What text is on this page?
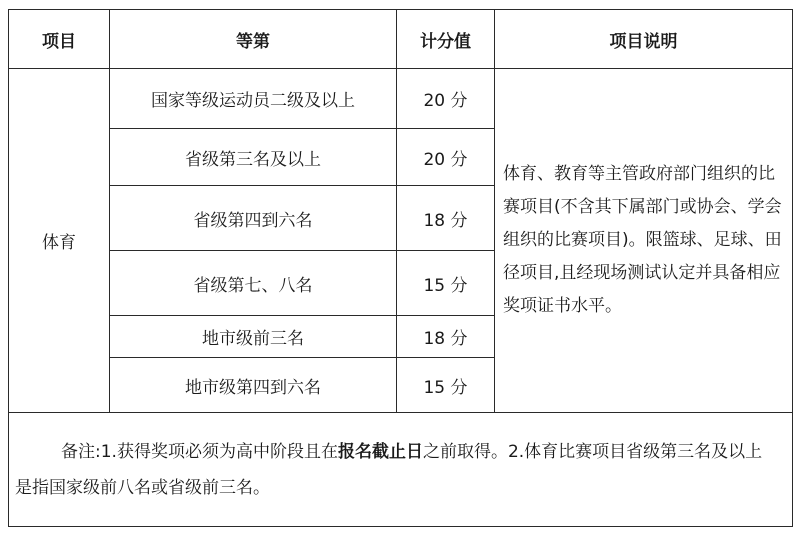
项目	等第	计分值	项目说明
体育	国家等级运动员二级及以上	20 分	体育、教育等主管政府部门组织的比赛项目(不含其下属部门或协会、学会组织的比赛项目)。限篮球、足球、田径项目,且经现场测试认定并具备相应奖项证书水平。
	省级第三名及以上	20 分	
	省级第四到六名	18 分	
	省级第七、八名	15 分	
	地市级前三名	18 分	
	地市级第四到六名	15 分	

备注:1.获得奖项必须为高中阶段且在报名截止日之前取得。2.体育比赛项目省级第三名及以上是指国家级前八名或省级前三名。			
